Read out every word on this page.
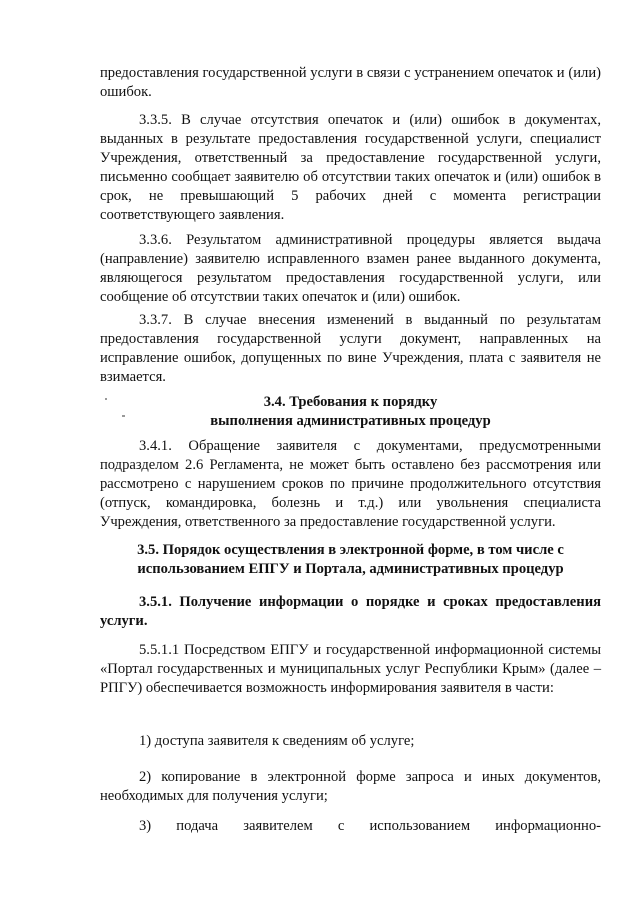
предоставления государственной услуги в связи с устранением опечаток и (или) ошибок.

3.3.5. В случае отсутствия опечаток и (или) ошибок в документах, выданных в результате предоставления государственной услуги, специалист Учреждения, ответственный за предоставление государственной услуги, письменно сообщает заявителю об отсутствии таких опечаток и (или) ошибок в срок, не превышающий 5 рабочих дней с момента регистрации соответствующего заявления.

3.3.6. Результатом административной процедуры является выдача (направление) заявителю исправленного взамен ранее выданного документа, являющегося результатом предоставления государственной услуги, или сообщение об отсутствии таких опечаток и (или) ошибок.

3.3.7. В случае внесения изменений в выданный по результатам предоставления государственной услуги документ, направленных на исправление ошибок, допущенных по вине Учреждения, плата с заявителя не взимается.

3.4. Требования к порядку
выполнения административных процедур

3.4.1. Обращение заявителя с документами, предусмотренными подразделом 2.6 Регламента, не может быть оставлено без рассмотрения или рассмотрено с нарушением сроков по причине продолжительного отсутствия (отпуск, командировка, болезнь и т.д.) или увольнения специалиста Учреждения, ответственного за предоставление государственной услуги.

3.5. Порядок осуществления в электронной форме, в том числе с
использованием ЕПГУ и Портала, административных процедур

3.5.1. Получение информации о порядке и сроках предоставления услуги.

5.5.1.1 Посредством ЕПГУ и государственной информационной системы «Портал государственных и муниципальных услуг Республики Крым» (далее – РПГУ) обеспечивается возможность информирования заявителя в части:

1) доступа заявителя к сведениям об услуге;

2) копирование в электронной форме запроса и иных документов, необходимых для получения услуги;

3) подача заявителем с использованием информационно-
